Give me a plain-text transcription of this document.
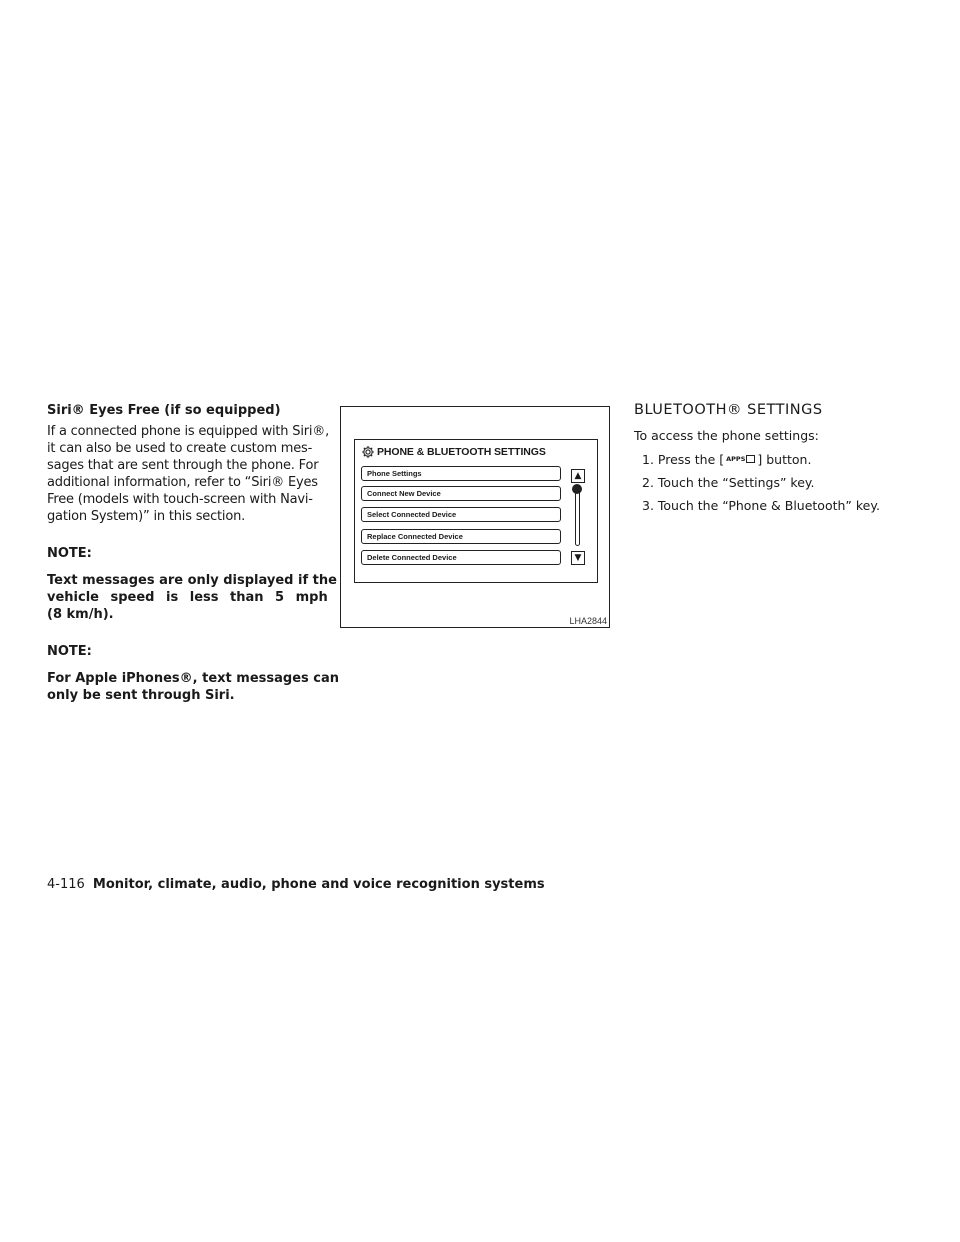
Siri® Eyes Free (if so equipped)

If a connected phone is equipped with Siri®,
it can also be used to create custom mes-
sages that are sent through the phone. For
additional information, refer to “Siri® Eyes
Free (models with touch-screen with Navi-
gation System)” in this section.

NOTE:

Text messages are only displayed if the
vehicle speed is less than 5 mph
(8 km/h).

NOTE:

For Apple iPhones®, text messages can
only be sent through Siri.

PHONE & BLUETOOTH SETTINGS
Phone Settings
Connect New Device
Select Connected Device
Replace Connected Device
Delete Connected Device
▲
▼
LHA2844
BLUETOOTH® SETTINGS

To access the phone settings:

1. Press the [ APPS ] button.
2. Touch the “Settings” key.
3. Touch the “Phone & Bluetooth” key.
4-116 Monitor, climate, audio, phone and voice recognition systems
